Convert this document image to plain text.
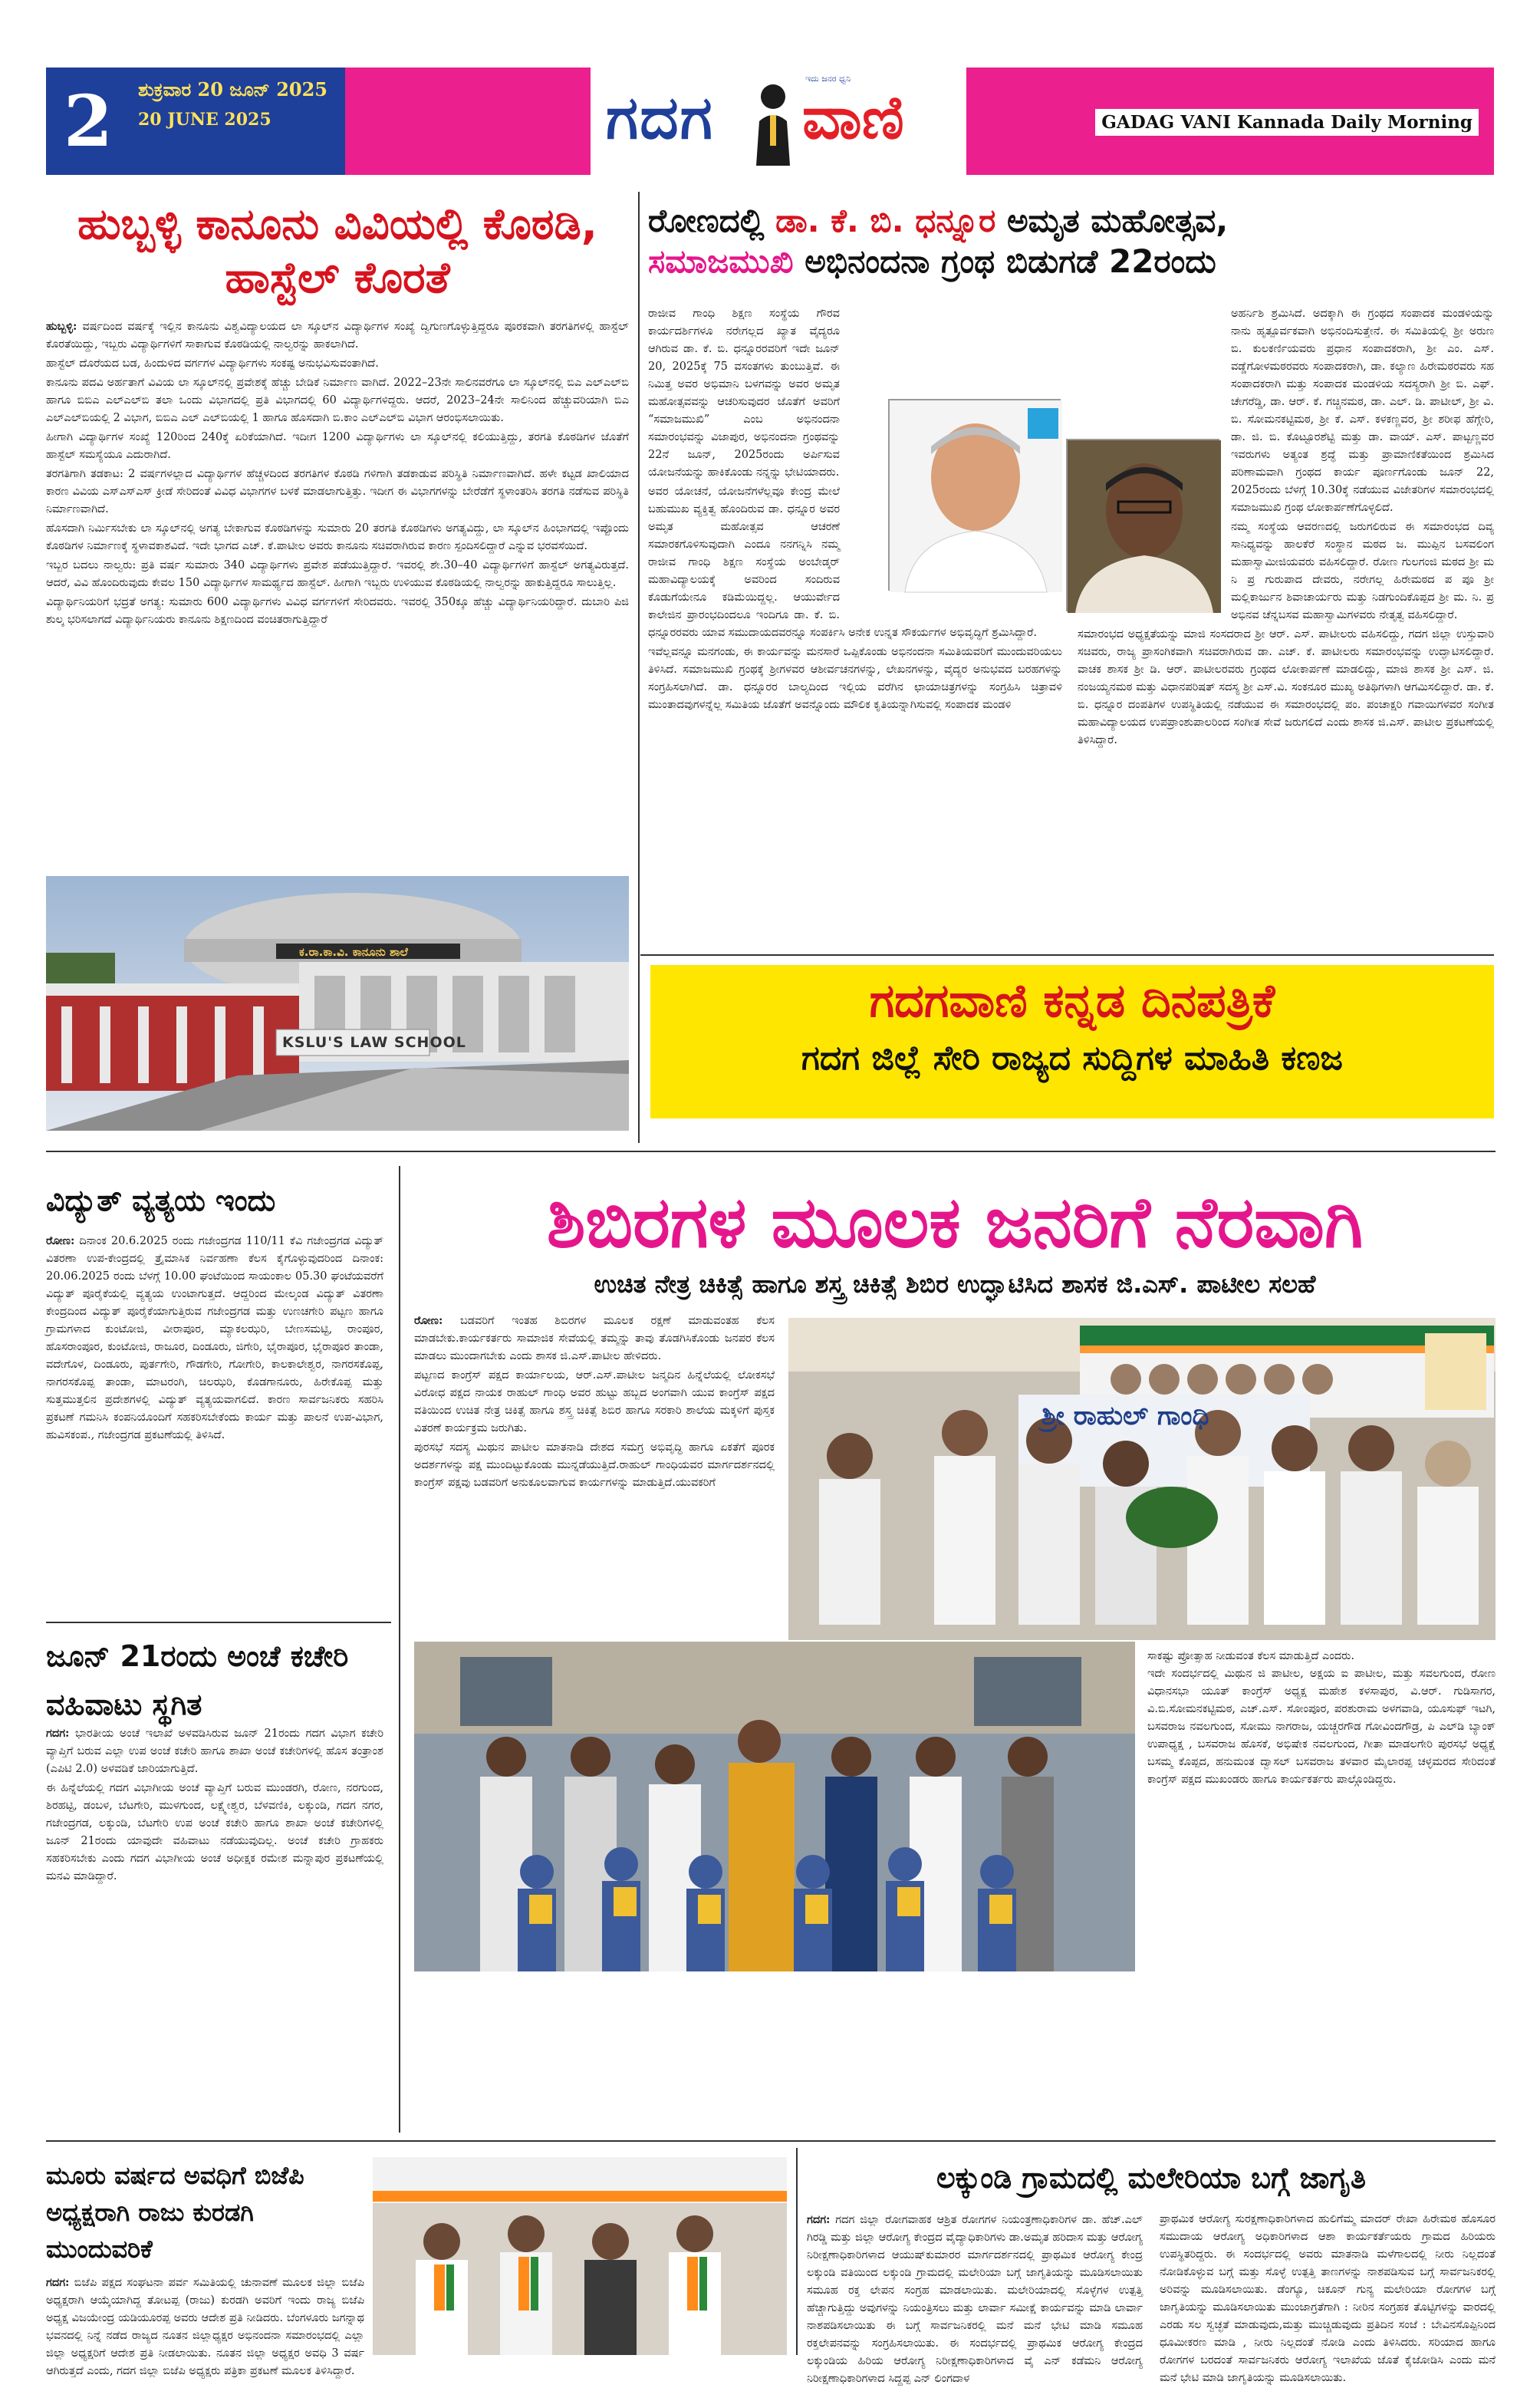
2	ಶುಕ್ರವಾರ 20 ಜೂನ್ 2025
20 JUNE 2025	ಗದಗ
ಇದು ಜನರ ಧ್ವನಿ
ವಾಣಿ	GADAG VANI Kannada Daily Morning
ಹುಬ್ಬಳ್ಳಿ ಕಾನೂನು ವಿವಿಯಲ್ಲಿ ಕೊಠಡಿ, ಹಾಸ್ಟೆಲ್ ಕೊರತೆ

ಹುಬ್ಬಳ್ಳಿ: ವರ್ಷದಿಂದ ವರ್ಷಕ್ಕೆ ಇಲ್ಲಿನ ಕಾನೂನು ವಿಶ್ವವಿದ್ಯಾಲಯದ ಲಾ ಸ್ಕೂಲ್‌ನ ವಿದ್ಯಾರ್ಥಿಗಳ ಸಂಖ್ಯೆ ದ್ವಿಗುಣಗೊಳ್ಳುತ್ತಿದ್ದರೂ ಪೂರಕವಾಗಿ ತರಗತಿಗಳಲ್ಲಿ ಹಾಸ್ಟೆಲ್ ಕೊರತೆಯಿದ್ದು, ಇಬ್ಬರು ವಿದ್ಯಾರ್ಥಿಗಳಿಗೆ ಸಾಕಾಗುವ ಕೊಠಡಿಯಲ್ಲಿ ನಾಲ್ವರನ್ನು ಹಾಕಲಾಗಿದೆ.

ಹಾಸ್ಟೆಲ್ ದೊರೆಯದ ಬಡ, ಹಿಂದುಳಿದ ವರ್ಗಗಳ ವಿದ್ಯಾರ್ಥಿಗಳು ಸಂಕಷ್ಟ ಅನುಭವಿಸುವಂತಾಗಿದೆ.

ಕಾನೂನು ಪದವಿ ಅರ್ಹತಾಗೆ ವಿವಿಯ ಲಾ ಸ್ಕೂಲ್‌ನಲ್ಲಿ ಪ್ರವೇಶಕ್ಕೆ ಹೆಚ್ಚು ಬೇಡಿಕೆ ನಿರ್ಮಾಣ ವಾಗಿದೆ. 2022–23ನೇ ಸಾಲಿನವರೆಗೂ ಲಾ ಸ್ಕೂಲ್‌ನಲ್ಲಿ ಬಿಎ ಎಲ್‌ಎಲ್‌ಬಿ ಹಾಗೂ ಬಿಬಿಎ ಎಲ್‌ಎಲ್‌ಬಿ ತಲಾ ಒಂದು ವಿಭಾಗದಲ್ಲಿ ಪ್ರತಿ ವಿಭಾಗದಲ್ಲಿ 60 ವಿದ್ಯಾರ್ಥಿಗಳಿದ್ದರು. ಆದರೆ, 2023–24ನೇ ಸಾಲಿನಿಂದ ಹೆಚ್ಚುವರಿಯಾಗಿ ಬಿಎ ಎಲ್‌ಎಲ್‌ಬಿಯಲ್ಲಿ 2 ವಿಭಾಗ, ಬಿಬಿಎ ಎಲ್ ಎಲ್‌ಬಿಯಲ್ಲಿ 1 ಹಾಗೂ ಹೊಸದಾಗಿ ಬಿ.ಕಾಂ ಎಲ್‌ಎಲ್‌ಬಿ ವಿಭಾಗ ಆರಂಭಿಸಲಾಯಿತು.

ಹೀಗಾಗಿ ವಿದ್ಯಾರ್ಥಿಗಳ ಸಂಖ್ಯೆ 120ರಿಂದ 240ಕ್ಕೆ ಏರಿಕೆಯಾಗಿದೆ. ಇದೀಗ 1200 ವಿದ್ಯಾರ್ಥಿಗಳು ಲಾ ಸ್ಕೂಲ್‌ನಲ್ಲಿ ಕಲಿಯುತ್ತಿದ್ದು, ತರಗತಿ ಕೊಠಡಿಗಳ ಜೊತೆಗೆ ಹಾಸ್ಟೆಲ್ ಸಮಸ್ಯೆಯೂ ಎದುರಾಗಿದೆ.

ತರಗತಿಗಾಗಿ ತಡಕಾಟ: 2 ವರ್ಷಗಳಲ್ಲಾದ ವಿದ್ಯಾರ್ಥಿಗಳ ಹೆಚ್ಚಳದಿಂದ ತರಗತಿಗಳ ಕೊಠಡಿ ಗಳಿಗಾಗಿ ತಡಕಾಡುವ ಪರಿಸ್ಥಿತಿ ನಿರ್ಮಾಣವಾಗಿದೆ. ಹಳೇ ಕಟ್ಟಡ ಖಾಲಿಯಾದ ಕಾರಣ ವಿವಿಯ ಎಸ್‌ಎಸ್‌ಎಸ್ ಕ್ರೀಡೆ ಸೇರಿದಂತೆ ವಿವಿಧ ವಿಭಾಗಗಳ ಬಳಕೆ ಮಾಡಲಾಗುತ್ತಿತ್ತು. ಇದೀಗ ಈ ವಿಭಾಗಗಳನ್ನು ಬೇರೆಡೆಗೆ ಸ್ಥಳಾಂತರಿಸಿ ತರಗತಿ ನಡೆಸುವ ಪರಿಸ್ಥಿತಿ ನಿರ್ಮಾಣವಾಗಿದೆ.

ಹೊಸದಾಗಿ ನಿರ್ಮಿಸಬೇಕು ಲಾ ಸ್ಕೂಲ್‌ನಲ್ಲಿ ಅಗತ್ಯ ಬೇಕಾಗುವ ಕೊಠಡಿಗಳನ್ನು ಸುಮಾರು 20 ತರಗತಿ ಕೊಠಡಿಗಳು ಅಗತ್ಯವಿದ್ದು, ಲಾ ಸ್ಕೂಲ್‌ನ ಹಿಂಭಾಗದಲ್ಲಿ ಇಪ್ಪೊಂದು ಕೊಠಡಿಗಳ ನಿರ್ಮಾಣಕ್ಕೆ ಸ್ಥಳಾವಕಾಶವಿದೆ. ಇದೇ ಭಾಗದ ಎಚ್. ಕೆ.ಪಾಟೀಲ ಅವರು ಕಾನೂನು ಸಚಿವರಾಗಿರುವ ಕಾರಣ ಸ್ಪಂದಿಸಲಿದ್ದಾರೆ ಎನ್ನುವ ಭರವಸೆಯಿದೆ.

ಇಬ್ಬರ ಬದಲು ನಾಲ್ವರು: ಪ್ರತಿ ವರ್ಷ ಸುಮಾರು 340 ವಿದ್ಯಾರ್ಥಿಗಳು ಪ್ರವೇಶ ಪಡೆಯುತ್ತಿದ್ದಾರೆ. ಇವರಲ್ಲಿ ಶೇ.30–40 ವಿದ್ಯಾರ್ಥಿಗಳಿಗೆ ಹಾಸ್ಟೆಲ್ ಅಗತ್ಯವಿರುತ್ತದೆ. ಆದರೆ, ವಿವಿ ಹೊಂದಿರುವುದು ಕೇವಲ 150 ವಿದ್ಯಾರ್ಥಿಗಳ ಸಾಮರ್ಥ್ಯದ ಹಾಸ್ಟೆಲ್. ಹೀಗಾಗಿ ಇಬ್ಬರು ಉಳಿಯುವ ಕೊಠಡಿಯಲ್ಲಿ ನಾಲ್ವರನ್ನು ಹಾಕುತ್ತಿದ್ದರೂ ಸಾಲುತ್ತಿಲ್ಲ.

ವಿದ್ಯಾರ್ಥಿನಿಯರಿಗೆ ಭದ್ರತೆ ಅಗತ್ಯ: ಸುಮಾರು 600 ವಿದ್ಯಾರ್ಥಿಗಳು ವಿವಿಧ ವರ್ಗಗಳಿಗೆ ಸೇರಿದವರು. ಇವರಲ್ಲಿ 350ಕ್ಕೂ ಹೆಚ್ಚು ವಿದ್ಯಾರ್ಥಿನಿಯರಿದ್ದಾರೆ. ದುಬಾರಿ ಪಿಜಿ ಶುಲ್ಕ ಭರಿಸಲಾಗದೆ ವಿದ್ಯಾರ್ಥಿನಿಯರು ಕಾನೂನು ಶಿಕ್ಷಣದಿಂದ ವಂಚಿತರಾಗುತ್ತಿದ್ದಾರೆ

ಕ.ರಾ.ಕಾ.ವಿ. ಕಾನೂನು ಶಾಲೆ
KSLU'S LAW SCHOOL
ರೋಣದಲ್ಲಿ ಡಾ. ಕೆ. ಬಿ. ಧನ್ನೂರ ಅಮೃತ ಮಹೋತ್ಸವ,
ಸಮಾಜಮುಖಿ ಅಭಿನಂದನಾ ಗ್ರಂಥ ಬಿಡುಗಡೆ 22ರಂದು

ರಾಜೀವ ಗಾಂಧಿ ಶಿಕ್ಷಣ ಸಂಸ್ಥೆಯ ಗೌರವ ಕಾರ್ಯದರ್ಶಿಗಳೂ ನರೇಗಲ್ಲದ ಖ್ಯಾತ ವೈದ್ಯರೂ ಆಗಿರುವ ಡಾ. ಕೆ. ಬಿ. ಧನ್ನೂರರವರಿಗೆ ಇದೇ ಜೂನ್ 20, 2025ಕ್ಕೆ 75 ವಸಂತಗಳು ತುಂಬುತ್ತಿವೆ. ಈ ನಿಮಿತ್ತ ಅವರ ಅಭಿಮಾನಿ ಬಳಗವನ್ನು ಅವರ ಅಮೃತ ಮಹೋತ್ಸವವನ್ನು ಆಚರಿಸುವುದರ ಜೊತೆಗೆ ಅವರಿಗೆ “ಸಮಾಜಮುಖಿ” ಎಂಬ ಅಭಿನಂದನಾ ಸಮಾರಂಭವನ್ನು ವಿಜಾಪುರ, ಅಭಿನಂದನಾ ಗ್ರಂಥವನ್ನು 22ನೆ ಜೂನ್, 2025ರಂದು ಅರ್ಪಿಸುವ ಯೋಜನೆಯನ್ನು ಹಾಕಿಕೊಂಡು ನನ್ನನ್ನು ಭೇಟಿಯಾದರು.

ಅವರ ಯೋಚನೆ, ಯೋಜನೆಗಳೆಲ್ಲವೂ ಕೇಂದ್ರ ಮೇಲೆ ಬಹುಮುಖ ವ್ಯಕ್ತಿತ್ವ ಹೊಂದಿರುವ ಡಾ. ಧನ್ನೂರ ಅವರ ಅಮೃತ ಮಹೋತ್ಸವ ಆಚರಣೆ ಸಮಾರಕಗೊಳಿಸುವುದಾಗಿ ಎಂದೂ ನನಗನ್ನಿಸಿ ನಮ್ಮ ರಾಜೀವ ಗಾಂಧಿ ಶಿಕ್ಷಣ ಸಂಸ್ಥೆಯ ಅಂಬೇಡ್ಕರ್ ಮಹಾವಿದ್ಯಾಲಯಕ್ಕೆ ಅವರಿಂದ ಸಂದಿರುವ ಕೊಡುಗೆಯೇನೂ ಕಡಿಮೆಯಿದ್ದಲ್ಲ. ಆಯುರ್ವೇದ ಕಾಲೇಜಿನ ಪ್ರಾರಂಭದಿಂದಲೂ ಇಂದಿಗೂ ಡಾ. ಕೆ. ಬಿ. ಧನ್ನೂರರವರು ಯಾವ ಸಮುದಾಯದವರನ್ನೂ ಸಂಪರ್ಕಿಸಿ ಅನೇಕ ಉನ್ನತ ಸೌಕರ್ಯಗಳ ಅಭಿವೃದ್ಧಿಗೆ ಶ್ರಮಿಸಿದ್ದಾರೆ.

ಇವೆಲ್ಲವನ್ನೂ ಮನಗಂಡು, ಈ ಕಾರ್ಯವನ್ನು ಮನಸಾರೆ ಒಪ್ಪಿಕೊಂಡು ಅಭಿನಂದನಾ ಸಮಿತಿಯವರಿಗೆ ಮುಂದುವರಿಯಲು ತಿಳಿಸಿದೆ. ಸಮಾಜಮುಖಿ ಗ್ರಂಥಕ್ಕೆ ಶ್ರೀಗಳವರ ಆಶೀರ್ವಚನಗಳನ್ನು, ಲೇಖನಗಳನ್ನು, ವೈದ್ಯರ ಅನುಭವದ ಬರಹಗಳನ್ನು ಸಂಗ್ರಹಿಸಲಾಗಿದೆ. ಡಾ. ಧನ್ನೂರರ ಬಾಲ್ಯದಿಂದ ಇಲ್ಲಿಯ ವರೆಗಿನ ಛಾಯಾಚಿತ್ರಗಳನ್ನು ಸಂಗ್ರಹಿಸಿ ಚಿತ್ರಾವಳಿ ಮುಂತಾದವುಗಳನ್ನೆಲ್ಲ ಸಮಿತಿಯ ಜೊತೆಗೆ ಅವನ್ನೊಂದು ಮೌಲಿಕ ಕೃತಿಯನ್ನಾಗಿಸುವಲ್ಲಿ ಸಂಪಾದಕ ಮಂಡಳಿ

ಅಹರ್ನಿಶಿ ಶ್ರಮಿಸಿದೆ. ಅದಕ್ಕಾಗಿ ಈ ಗ್ರಂಥದ ಸಂಪಾದಕ ಮಂಡಳಿಯನ್ನು ನಾನು ಹೃತ್ಪೂರ್ವಕವಾಗಿ ಅಭಿನಂದಿಸುತ್ತೇನೆ. ಈ ಸಮಿತಿಯಲ್ಲಿ ಶ್ರೀ ಅರುಣ ಬಿ. ಕುಲಕರ್ಣಿಯವರು ಪ್ರಧಾನ ಸಂಪಾದಕರಾಗಿ, ಶ್ರೀ ಎಂ. ಎಸ್. ವಡ್ಡೆಗೋಳಮಠರವರು ಸಂಪಾದಕರಾಗಿ, ಡಾ. ಕಲ್ಯಾಣ ಹಿರೇಮಠರವರು ಸಹ ಸಂಪಾದಕರಾಗಿ ಮತ್ತು ಸಂಪಾದಕ ಮಂಡಳಿಯ ಸದಸ್ಯರಾಗಿ ಶ್ರೀ ಬಿ. ಎಫ್. ಚೇಗರೆಡ್ಡಿ, ಡಾ. ಆರ್. ಕೆ. ಗಚ್ಚಿನಮಠ, ಡಾ. ಎಲ್. ಡಿ. ಪಾಟೀಲ್, ಶ್ರೀ ವಿ. ಬಿ. ಸೋಮನಕಟ್ಟಿಮಠ, ಶ್ರೀ ಕೆ. ಎಸ್. ಕಳಕಣ್ಣವರ, ಶ್ರೀ ಶರೀಫ ಹೆಗ್ಗೇರಿ, ಡಾ. ಜಿ. ಬಿ. ಕೊಟ್ಟೂರಶೆಟ್ಟಿ ಮತ್ತು ಡಾ. ವಾಯ್. ಎಸ್. ಪಾಟ್ಟಣ್ಣವರ ಇವರುಗಳು ಅತ್ಯಂತ ಶ್ರದ್ಧೆ ಮತ್ತು ಪ್ರಾಮಾಣಿಕತೆಯಿಂದ ಶ್ರಮಿಸಿದ ಪರಿಣಾಮವಾಗಿ ಗ್ರಂಥದ ಕಾರ್ಯ ಪೂರ್ಣಗೊಂಡು ಜೂನ್ 22, 2025ರಂದು ಬೆಳಗ್ಗೆ 10.30ಕ್ಕೆ ನಡೆಯುವ ವಿಜೇತರಿಗಳ ಸಮಾರಂಭದಲ್ಲಿ ಸಮಾಜಮುಖಿ ಗ್ರಂಥ ಲೋಕಾರ್ಪಣೆಗೊಳ್ಳಲಿದೆ.

ನಮ್ಮ ಸಂಸ್ಥೆಯ ಆವರಣದಲ್ಲಿ ಜರುಗಲಿರುವ ಈ ಸಮಾರಂಭದ ದಿವ್ಯ ಸಾನಿಧ್ಯವನ್ನು ಹಾಲಕೆರೆ ಸಂಸ್ಥಾನ ಮಠದ ಜ. ಮುಪ್ಪಿನ ಬಸವಲಿಂಗ ಮಹಾಸ್ವಾಮೀಜಿಯವರು ವಹಿಸಲಿದ್ದಾರೆ. ರೋಣ ಗುಲಗಂಜಿ ಮಠದ ಶ್ರೀ ಮ ನಿ ಪ್ರ ಗುರುಪಾದ ದೇವರು, ನರೇಗಲ್ಲ ಹಿರೇಮಠದ ಪ ಪೂ ಶ್ರೀ ಮಲ್ಲಿಕಾರ್ಜುನ ಶಿವಾಚಾರ್ಯರು ಮತ್ತು ನಿಡಗುಂದಿಕೊಪ್ಪದ ಶ್ರೀ ಮ. ನಿ. ಪ್ರ ಅಭಿನವ ಚೆನ್ನಬಸವ ಮಹಾಸ್ವಾಮಿಗಳವರು ನೇತೃತ್ವ ವಹಿಸಲಿದ್ದಾರೆ.

ಸಮಾರಂಭದ ಅಧ್ಯಕ್ಷತೆಯನ್ನು ಮಾಜಿ ಸಂಸದರಾದ ಶ್ರೀ ಆರ್. ಎಸ್. ಪಾಟೀಲರು ವಹಿಸಲಿದ್ದು, ಗದಗ ಜಿಲ್ಲಾ ಉಸ್ತುವಾರಿ ಸಚಿವರು, ರಾಜ್ಯ ಪ್ರಾಸಂಗಿಕವಾಗಿ ಸಚಿವರಾಗಿರುವ ಡಾ. ಎಚ್. ಕೆ. ಪಾಟೀಲರು ಸಮಾರಂಭವನ್ನು ಉದ್ಘಾಟಿಸಲಿದ್ದಾರೆ. ವಾಚಕ ಶಾಸಕ ಶ್ರೀ ಡಿ. ಆರ್. ಪಾಟೀಲರವರು ಗ್ರಂಥದ ಲೋಕಾರ್ಪಣೆ ಮಾಡಲಿದ್ದು, ಮಾಜಿ ಶಾಸಕ ಶ್ರೀ ಎಸ್. ಜಿ. ನಂಜಯ್ಯನಮಠ ಮತ್ತು ವಿಧಾನಪರಿಷತ್ ಸದಸ್ಯ ಶ್ರೀ ಎಸ್.ವಿ. ಸಂಕನೂರ ಮುಖ್ಯ ಅತಿಥಿಗಳಾಗಿ ಆಗಮಿಸಲಿದ್ದಾರೆ. ಡಾ. ಕೆ. ಬಿ. ಧನ್ನೂರ ದಂಪತಿಗಳ ಉಪಸ್ಥಿತಿಯಲ್ಲಿ ನಡೆಯುವ ಈ ಸಮಾರಂಭದಲ್ಲಿ ಪಂ. ಪಂಚಾಕ್ಷರಿ ಗವಾಯಿಗಳವರ ಸಂಗೀತ ಮಹಾವಿದ್ಯಾಲಯದ ಉಪಪ್ರಾಂಶುಪಾಲರಿಂದ ಸಂಗೀತ ಸೇವೆ ಜರುಗಲಿದೆ ಎಂದು ಶಾಸಕ ಜಿ.ಎಸ್. ಪಾಟೀಲ ಪ್ರಕಟಣೆಯಲ್ಲಿ ತಿಳಿಸಿದ್ದಾರೆ.

ಗದಗವಾಣಿ ಕನ್ನಡ ದಿನಪತ್ರಿಕೆ
ಗದಗ ಜಿಲ್ಲೆ ಸೇರಿ ರಾಜ್ಯದ ಸುದ್ದಿಗಳ ಮಾಹಿತಿ ಕಣಜ
ವಿದ್ಯುತ್ ವ್ಯತ್ಯಯ ಇಂದು

ರೋಣ: ದಿನಾಂಕ 20.6.2025 ರಂದು ಗಜೇಂದ್ರಗಡ 110/11 ಕೆವಿ ಗಜೇಂದ್ರಗಡ ವಿದ್ಯುತ್ ವಿತರಣಾ ಉಪ-ಕೇಂದ್ರದಲ್ಲಿ ತ್ರೈಮಾಸಿಕ ನಿರ್ವಹಣಾ ಕೆಲಸ ಕೈಗೊಳ್ಳುವುದರಿಂದ ದಿನಾಂಕ: 20.06.2025 ರಂದು ಬೆಳಗ್ಗೆ 10.00 ಘಂಟೆಯಿಂದ ಸಾಯಂಕಾಲ 05.30 ಘಂಟೆಯವರೆಗೆ ವಿದ್ಯುತ್ ಪೂರೈಕೆಯಲ್ಲಿ ವ್ಯತ್ಯಯ ಉಂಟಾಗುತ್ತದೆ. ಆದ್ದರಿಂದ ಮೇಲ್ಕಂಡ ವಿದ್ಯುತ್ ವಿತರಣಾ ಕೇಂದ್ರದಿಂದ ವಿದ್ಯುತ್ ಪೂರೈಕೆಯಾಗುತ್ತಿರುವ ಗಜೇಂದ್ರಗಡ ಮತ್ತು ಉಣಚಗೇರಿ ಪಟ್ಟಣ ಹಾಗೂ ಗ್ರಾಮಗಳಾದ ಕುಂಟೋಜಿ, ವೀರಾಪೂರ, ಮ್ಯಾಕಲಝರಿ, ಬೇಣಸಮಟ್ಟಿ, ರಾಂಪೂರ, ಹೊಸರಾಂಪೂರ, ಕುಂಟೋಜಿ, ರಾಜೂರ, ದಿಂಡೂರು, ಜಿಗೇರಿ, ಭೈರಾಪೂರ, ಭೈರಾಪೂರ ತಾಂಡಾ, ವದೇಗೊಳ, ದಿಂಡೂರು, ಪುರ್ತಗೇರಿ, ಗೌಡಗೇರಿ, ಗೋಗೇರಿ, ಕಾಲಕಾಲೇಶ್ವರ, ನಾಗರಸಕೊಪ್ಪ, ನಾಗರಸಕೊಪ್ಪ ತಾಂಡಾ, ಮಾಟರಂಗಿ, ಚಿಲಝರಿ, ಕೊಡಗಾನೂರು, ಹಿರೇಕೊಪ್ಪ ಮತ್ತು ಸುತ್ತಮುತ್ತಲಿನ ಪ್ರದೇಶಗಳಲ್ಲಿ ವಿದ್ಯುತ್ ವ್ಯತ್ಯಯವಾಗಲಿದೆ. ಕಾರಣ ಸಾರ್ವಜನಿಕರು ಸಹರಿಸಿ ಪ್ರಕಟಣೆ ಗಮನಿಸಿ ಕಂಪನಿಯೊಂದಿಗೆ ಸಹಕರಿಸಬೇಕೆಂದು ಕಾರ್ಯ ಮತ್ತು ಪಾಲನೆ ಉಪ-ವಿಭಾಗ, ಹುವಿಸಕಂಪ., ಗಜೇಂದ್ರಗಡ ಪ್ರಕಟಣೆಯಲ್ಲಿ ತಿಳಿಸಿದೆ.

ಜೂನ್ 21ರಂದು ಅಂಚೆ ಕಚೇರಿ ವಹಿವಾಟು ಸ್ಥಗಿತ

ಗದಗ: ಭಾರತೀಯ ಅಂಚೆ ಇಲಾಖೆ ಅಳವಡಿಸಿರುವ ಜೂನ್ 21ರಂದು ಗದಗ ವಿಭಾಗ ಕಚೇರಿ ವ್ಯಾಪ್ತಿಗೆ ಬರುವ ಎಲ್ಲಾ ಉಪ ಅಂಚೆ ಕಚೇರಿ ಹಾಗೂ ಶಾಖಾ ಅಂಚೆ ಕಚೇರಿಗಳಲ್ಲಿ ಹೊಸ ತಂತ್ರಾಂಶ (ಎಪಿಟಿ 2.0) ಅಳವಡಿಕೆ ಜಾರಿಯಾಗುತ್ತಿದೆ.

ಈ ಹಿನ್ನೆಲೆಯಲ್ಲಿ ಗದಗ ವಿಭಾಗೀಯ ಅಂಚೆ ವ್ಯಾಪ್ತಿಗೆ ಬರುವ ಮುಂಡರಗಿ, ರೋಣ, ನರಗುಂದ, ಶಿರಹಟ್ಟಿ, ಡಂಬಳ, ಬೆಟಗೇರಿ, ಮುಳಗುಂದ, ಲಕ್ಷ್ಮೇಶ್ವರ, ಬೆಳವಣಿಕಿ, ಲಕ್ಕುಂಡಿ, ಗದಗ ನಗರ, ಗಜೇಂದ್ರಗಡ, ಲಕ್ಕುಂಡಿ, ಬೆಟಗೇರಿ ಉಪ ಅಂಚೆ ಕಚೇರಿ ಹಾಗೂ ಶಾಖಾ ಅಂಚೆ ಕಚೇರಿಗಳಲ್ಲಿ ಜೂನ್ 21ರಂದು ಯಾವುದೇ ವಹಿವಾಟು ನಡೆಯುವುದಿಲ್ಲ. ಅಂಚೆ ಕಚೇರಿ ಗ್ರಾಹಕರು ಸಹಕರಿಸಬೇಕು ಎಂದು ಗದಗ ವಿಭಾಗೀಯ ಅಂಚೆ ಅಧೀಕ್ಷಕ ರಮೇಶ ಮನ್ನಾಪುರ ಪ್ರಕಟಣೆಯಲ್ಲಿ ಮನವಿ ಮಾಡಿದ್ದಾರೆ.

ಶಿಬಿರಗಳ ಮೂಲಕ ಜನರಿಗೆ ನೆರವಾಗಿ
ಉಚಿತ ನೇತ್ರ ಚಿಕಿತ್ಸೆ ಹಾಗೂ ಶಸ್ತ್ರ ಚಿಕಿತ್ಸೆ ಶಿಬಿರ ಉದ್ಘಾಟಿಸಿದ ಶಾಸಕ ಜಿ.ಎಸ್. ಪಾಟೀಲ ಸಲಹೆ

ರೋಣ: ಬಡವರಿಗೆ ಇಂತಹ ಶಿಬಿರಗಳ ಮೂಲಕ ರಕ್ಷಣೆ ಮಾಡುವಂತಹ ಕೆಲಸ ಮಾಡಬೇಕು.ಕಾರ್ಯಕರ್ತರು ಸಾಮಾಜಿಕ ಸೇವೆಯಲ್ಲಿ ತಮ್ಮನ್ನು ತಾವು ತೊಡಗಿಸಿಕೊಂಡು ಜನಪರ ಕೆಲಸ ಮಾಡಲು ಮುಂದಾಗಬೇಕು ಎಂದು ಶಾಸಕ ಜಿ.ಎಸ್.ಪಾಟೀಲ ಹೇಳಿದರು.

ಪಟ್ಟಣದ ಕಾಂಗ್ರೆಸ್ ಪಕ್ಷದ ಕಾರ್ಯಾಲಯ, ಆರ್.ಎಸ್.ಪಾಟೀಲ ಜನ್ಮದಿನ ಹಿನ್ನೆಲೆಯಲ್ಲಿ ಲೋಕಸಭೆ ವಿರೋಧ ಪಕ್ಷದ ನಾಯಕ ರಾಹುಲ್ ಗಾಂಧಿ ಅವರ ಹುಟ್ಟು ಹಬ್ಬದ ಅಂಗವಾಗಿ ಯುವ ಕಾಂಗ್ರೆಸ್ ಪಕ್ಷದ ವತಿಯಿಂದ ಉಚಿತ ನೇತ್ರ ಚಿಕಿತ್ಸೆ ಹಾಗೂ ಶಸ್ತ್ರ ಚಿಕಿತ್ಸೆ ಶಿಬಿರ ಹಾಗೂ ಸರಕಾರಿ ಶಾಲೆಯ ಮಕ್ಕಳಿಗೆ ಪುಸ್ತಕ ವಿತರಣೆ ಕಾರ್ಯಕ್ರಮ ಜರುಗಿತು.

ಪುರಸಭೆ ಸದಸ್ಯ ಮಿಥುನ ಪಾಟೀಲ ಮಾತನಾಡಿ ದೇಶದ ಸಮಗ್ರ ಅಭಿವೃದ್ಧಿ ಹಾಗೂ ಏಕತೆಗೆ ಪೂರಕ ಅದರ್ಶಗಳನ್ನು ಪಕ್ಷ ಮುಂದಿಟ್ಟುಕೊಂಡು ಮುನ್ನಡೆಯುತ್ತಿದೆ.ರಾಹುಲ್ ಗಾಂಧಿಯವರ ಮಾರ್ಗದರ್ಶನದಲ್ಲಿ ಕಾಂಗ್ರೆಸ್ ಪಕ್ಷವು ಬಡವರಿಗೆ ಅನುಕೂಲವಾಗುವ ಕಾರ್ಯಗಳನ್ನು ಮಾಡುತ್ತಿದೆ.ಯುವಕರಿಗೆ

ಶ್ರೀ ರಾಹುಲ್ ಗಾಂಧಿ

ಸಾಕಷ್ಟು ಪ್ರೋತ್ಸಾಹ ನೀಡುವಂತ ಕೆಲಸ ಮಾಡುತ್ತಿದೆ ಎಂದರು.
ಇದೇ ಸಂದರ್ಭದಲ್ಲಿ ಮಿಥುನ ಜಿ ಪಾಟೀಲ, ಅಕ್ಷಯ ಐ ಪಾಟೀಲ, ಮತ್ತು ಸವಲಗುಂದ, ರೋಣ ವಿಧಾನಸಭಾ ಯೂತ್ ಕಾಂಗ್ರೆಸ್ ಅಧ್ಯಕ್ಷ ಮಹೇಶ ಕಳಸಾಪುರ, ವಿ.ಆರ್. ಗುಡಿಸಾಗರ, ವಿ.ಬಿ.ಸೋಮನಕಟ್ಟಿಮಠ, ಎಚ್.ಎಸ್. ಸೋಂಪೂರ, ಪರಶುರಾಮ ಅಳಗವಾಡಿ, ಯೂಸುಫ್ ಇಟಗಿ, ಬಸವರಾಜ ನವಲಗುಂದ, ಸೋಮು ನಾಗರಾಜ, ಯಚ್ಚರಗೌಡ ಗೋವಿಂದಗೌಡ್ರ, ಪಿ ಎಲ್‌ಡಿ ಬ್ಯಾಂಕ್ ಉಪಾಧ್ಯಕ್ಷ , ಬಸವರಾಜ ಹೊಸಕೆ, ಅಭಿಷೇಕ ನವಲಗುಂದ, ಗೀತಾ ಮಾಡಲಗೇರಿ ಪುರಸಭೆ ಅಧ್ಯಕ್ಷೆ ಬಸಮ್ಮ ಕೊಪ್ಪದ, ಹನುಮಂತ ದ್ವಾಸಲ್ ಬಸವರಾಜ ತಳವಾರ ಮೈಲಾರಪ್ಪ ಚಳ್ಳಮರದ ಸೇರಿದಂತೆ ಕಾಂಗ್ರೆಸ್ ಪಕ್ಷದ ಮುಖಂಡರು ಹಾಗೂ ಕಾರ್ಯಕರ್ತರು ಪಾಲ್ಗೊಂಡಿದ್ದರು.

ಮೂರು ವರ್ಷದ ಅವಧಿಗೆ ಬಿಜೆಪಿ ಅಧ್ಯಕ್ಷರಾಗಿ ರಾಜು ಕುರಡಗಿ ಮುಂದುವರಿಕೆ

ಗದಗ: ಬಿಜೆಪಿ ಪಕ್ಷದ ಸಂಘಟನಾ ಪರ್ವ ಸಮಿತಿಯಲ್ಲಿ ಚುನಾವಣೆ ಮೂಲಕ ಜಿಲ್ಲಾ ಬಿಜೆಪಿ ಅಧ್ಯಕ್ಷರಾಗಿ ಆಯ್ಕೆಯಾಗಿದ್ದ ತೋಟಪ್ಪ (ರಾಜು) ಕುರಡಗಿ ಅವರಿಗೆ ಇಂದು ರಾಜ್ಯ ಬಿಜೆಪಿ ಅಧ್ಯಕ್ಷ ವಿಜಯೇಂದ್ರ ಯಡಿಯೂರಪ್ಪ ಅವರು ಆದೇಶ ಪ್ರತಿ ನೀಡಿದರು. ಬೆಂಗಳೂರು ಜಗನ್ನಾಥ ಭವನದಲ್ಲಿ ನಿನ್ನೆ ನಡೆದ ರಾಜ್ಯದ ನೂತನ ಜಿಲ್ಲಾಧ್ಯಕ್ಷರ ಅಭಿನಂದನಾ ಸಮಾರಂಭದಲ್ಲಿ ಎಲ್ಲಾ ಜಿಲ್ಲಾ ಅಧ್ಯಕ್ಷರಿಗೆ ಆದೇಶ ಪ್ರತಿ ನೀಡಲಾಯಿತು. ನೂತನ ಜಿಲ್ಲಾ ಅಧ್ಯಕ್ಷರ ಅವಧಿ 3 ವರ್ಷ ಆಗಿರುತ್ತದೆ ಎಂದು, ಗದಗ ಜಿಲ್ಲಾ ಬಿಜೆಪಿ ಅಧ್ಯಕ್ಷರು ಪತ್ರಿಕಾ ಪ್ರಕಟಣೆ ಮೂಲಕ ತಿಳಿಸಿದ್ದಾರೆ.

ಲಕ್ಕುಂಡಿ ಗ್ರಾಮದಲ್ಲಿ ಮಲೇರಿಯಾ ಬಗ್ಗೆ ಜಾಗೃತಿ

ಗದಗ: ಗದಗ ಜಿಲ್ಲಾ ರೋಗವಾಹಕ ಆಶ್ರಿತ ರೋಗಗಳ ನಿಯಂತ್ರಣಾಧಿಕಾರಿಗಳ ಡಾ. ಹೆಚ್.ಎಲ್ ಗಿರಡ್ಡಿ ಮತ್ತು ಜಿಲ್ಲಾ ಆರೋಗ್ಯ ಕೇಂದ್ರದ ವೈದ್ಯಾಧಿಕಾರಿಗಳು ಡಾ.ಅಮೃತ ಹರಿದಾಸ ಮತ್ತು ಆರೋಗ್ಯ ನಿರೀಕ್ಷಣಾಧಿಕಾರಿಗಳಾದ ಆಯುಷ್‌ಕುಮಾರರ ಮಾರ್ಗದರ್ಶನದಲ್ಲಿ ಪ್ರಾಥಮಿಕ ಆರೋಗ್ಯ ಕೇಂದ್ರ ಲಕ್ಕುಂಡಿ ವತಿಯಿಂದ ಲಕ್ಕುಂಡಿ ಗ್ರಾಮದಲ್ಲಿ ಮಲೇರಿಯಾ ಬಗ್ಗೆ ಜಾಗೃತಿಯನ್ನು ಮೂಡಿಸಲಾಯಿತು ಸಮೂಹ ರಕ್ತ ಲೇಪನ ಸಂಗ್ರಹ ಮಾಡಲಾಯಿತು. ಮಲೇರಿಯಾದಲ್ಲಿ ಸೊಳ್ಳೆಗಳ ಉತ್ಪತ್ತಿ ಹೆಚ್ಚಾಗುತ್ತಿದ್ದು ಅವುಗಳನ್ನು ನಿಯಂತ್ರಿಸಲು ಮತ್ತು ಲಾರ್ವಾ ಸಮೀಕ್ಷೆ ಕಾರ್ಯವನ್ನು ಮಾಡಿ ಲಾರ್ವಾ ನಾಶಪಡಿಸಲಾಯಿತು ಈ ಬಗ್ಗೆ ಸಾರ್ವಜನಿಕರಲ್ಲಿ ಮನೆ ಮನೆ ಭೇಟಿ ಮಾಡಿ ಸಮೂಹ ರಕ್ತಲೇಪನವನ್ನು ಸಂಗ್ರಹಿಸಲಾಯಿತು. ಈ ಸಂದರ್ಭದಲ್ಲಿ ಪ್ರಾಥಮಿಕ ಆರೋಗ್ಯ ಕೇಂದ್ರದ ಲಕ್ಕುಂಡಿಯ ಹಿರಿಯ ಆರೋಗ್ಯ ನಿರೀಕ್ಷಣಾಧಿಕಾರಿಗಳಾದ ವೈ ಎನ್ ಕಡೆಮನಿ ಆರೋಗ್ಯ ನಿರೀಕ್ಷಣಾಧಿಕಾರಿಗಳಾದ ಸಿದ್ದಪ್ಪ ಎನ್ ಲಿಂಗದಾಳ

ಪ್ರಾಥಮಿಕ ಆರೋಗ್ಯ ಸುರಕ್ಷಣಾಧಿಕಾರಿಗಳಾದ ಹುಲಿಗೆಮ್ಮ ಮಾದರ್ ರೇಖಾ ಹಿರೇಮಠ ಹೊಸೂರ ಸಮುದಾಯ ಆರೋಗ್ಯ ಅಧಿಕಾರಿಗಳಾದ ಆಶಾ ಕಾರ್ಯಕರ್ತೆಯರು ಗ್ರಾಮದ ಹಿರಿಯರು ಉಪಸ್ಥಿತರಿದ್ದರು. ಈ ಸಂದರ್ಭದಲ್ಲಿ ಅವರು ಮಾತನಾಡಿ ಮಳೆಗಾಲದಲ್ಲಿ ನೀರು ನಿಲ್ಲದಂತೆ ನೋಡಿಕೊಳ್ಳುವ ಬಗ್ಗೆ ಮತ್ತು ಸೊಳ್ಳೆ ಉತ್ಪತ್ತಿ ತಾಣಗಳನ್ನು ನಾಶಪಡಿಸುವ ಬಗ್ಗೆ ಸಾರ್ವಜನಿಕರಲ್ಲಿ ಅರಿವನ್ನು ಮೂಡಿಸಲಾಯಿತು. ಡೆಂಗ್ಯೂ, ಚಿಕೂನ್ ಗುನ್ಯ ಮಲೇರಿಯಾ ರೋಗಗಳ ಬಗ್ಗೆ ಜಾಗೃತಿಯನ್ನು ಮೂಡಿಸಲಾಯಿತು ಮುಂಜಾಗ್ರತೆಗಾಗಿ : ನೀರಿನ ಸಂಗ್ರಹಕ ತೊಟ್ಟಿಗಳನ್ನು ವಾರದಲ್ಲಿ ಎರಡು ಸಲ ಸ್ವಚ್ಛತೆ ಮಾಡುವುದು,ಮತ್ತು ಮುಚ್ಚಿಡುವುದು ಪ್ರತಿದಿನ ಸಂಜೆ : ಬೇವಿನಸೊಪ್ಪಿನಿಂದ ಧೂಮೀಕರಣ ಮಾಡಿ , ನೀರು ನಿಲ್ಲದಂತೆ ನೋಡಿ ಎಂದು ತಿಳಿಸಿದರು. ಸರಿಯಾದ ಹಾಗೂ ರೋಗಗಳ ಬರದಂತೆ ಸಾರ್ವಜನಿಕರು ಆರೋಗ್ಯ ಇಲಾಖೆಯ ಜೊತೆ ಕೈಜೋಡಿಸಿ ಎಂದು ಮನೆ ಮನೆ ಭೇಟಿ ಮಾಡಿ ಜಾಗೃತಿಯನ್ನು ಮೂಡಿಸಲಾಯಿತು.
